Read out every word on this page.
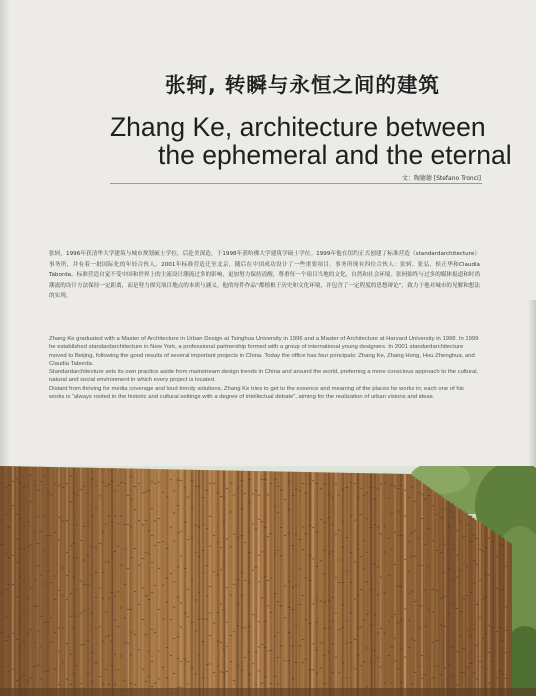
张轲, 转瞬与永恒之间的建筑
Zhang Ke, architecture between
the ephemeral and the eternal
文：陶德德 [Stefano Tronci]
张轲，1996年获清华大学建筑与城市规划硕士学位，后赴美深造，于1998年获哈佛大学建筑学硕士学位。1999年他在纽约正式创建了标准营造（standardarchitecture）事务所，并有着一批国际化的年轻合伙人。2001年标准营造迁至北京，随后在中国成功设计了一些重要项目。事务所现有四位合伙人：张轲、张弘、侯正华和Claudia Taborda。标准营造自觉不受中国和世界上的主流设计潮流过多的影响，更加努力保持清醒，尊重每一个项目当地的文化、自然和社会环境。张轲始终与过多的媒体报道和时尚潮流的设计方法保持一定距离，而是努力探究项目地点的本质与涵义。他的每件作品“都植根于历史和文化环境，并包含了一定程度的思想辩论”，致力于他对城市的见解和想法的实现。

Zhang Ke graduated with a Master of Architecture in Urban Design at Tsinghua University in 1996 and a Master of Architecture at Harvard University in 1998. In 1999 he established standardarchitecture in New York, a professional partnership formed with a group of international young designers. In 2001 standardarchitecture moved to Beijing, following the good results of several important projects in China. Today the office has four principals: Zhang Ke, Zhang Hong, Hou Zhenghua, and Claudia Taborda.

Standardarchitecture sets its own practice aside from mainstream design trends in China and around the world, preferring a more conscious approach to the cultural, natural and social environment in which every project is located.

Distant from thriving for media coverage and loud trendy solutions, Zhang Ke tries to get to the essence and meaning of the places he works in; each one of his works is “always rooted in the historic and cultural settings with a degree of intellectual debate”, aiming for the realization of urban visions and ideas.
